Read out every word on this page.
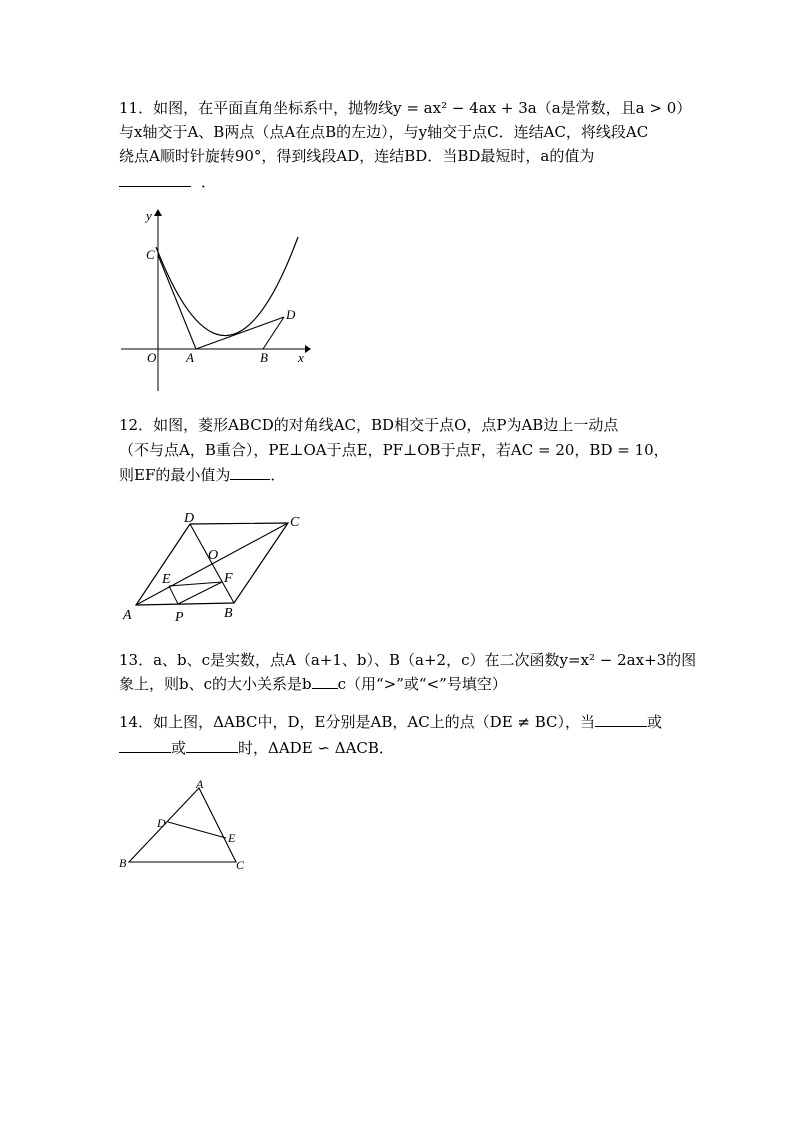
11．如图，在平面直角坐标系中，抛物线y = ax² − 4ax + 3a（a是常数，且a > 0）
与x轴交于A、B两点（点A在点B的左边），与y轴交于点C．连结AC，将线段AC
绕点A顺时针旋转90°，得到线段AD，连结BD．当BD最短时，a的值为
．
y
C
O A	B x
D
12．如图，菱形ABCD的对角线AC，BD相交于点O，点P为AB边上一动点
（不与点A，B重合），PE⊥OA于点E，PF⊥OB于点F，若AC = 20，BD = 10，
则EF的最小值为	．
D	C
O
E	F
A	P	B
13．a、b、c是实数，点A（a+1、b）、B（a+2，c）在二次函数y=x² − 2ax+3的图
象上，则b、c的大小关系是b c（用“>”或“<”号填空）
14．如上图，ΔABC中，D，E分别是AB，AC上的点（DE ≠ BC），当	或
或	时，ΔADE ∽ ΔACB．
A
D
E
B	C
